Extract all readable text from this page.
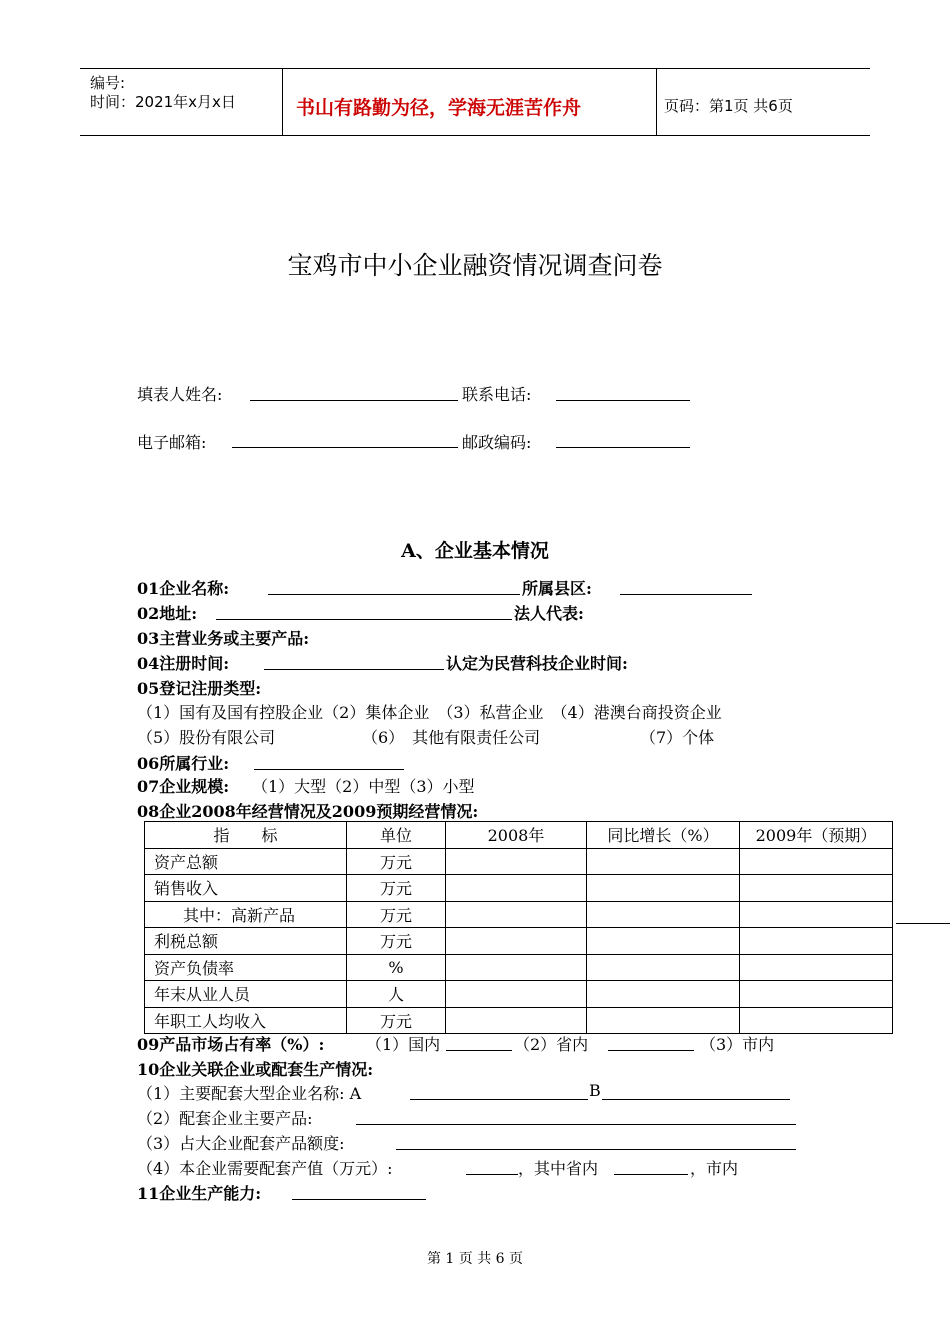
编号:
时间：2021年x月x日	书山有路勤为径，学海无涯苦作舟	页码：第1页 共6页
宝鸡市中小企业融资情况调查问卷
填表人姓名:	联系电话:
电子邮箱:	邮政编码:
A、企业基本情况
01企业名称:	所属县区:
02地址:	法人代表:
03主营业务或主要产品:
04注册时间:	认定为民营科技企业时间:
05登记注册类型:
（1）国有及国有控股企业（2）集体企业　（3）私营企业　（4）港澳台商投资企业
（5）股份有限公司	（6）　其他有限责任公司	（7）个体
06所属行业:
07企业规模: （1）大型（2）中型（3）小型
08企业2008年经营情况及2009预期经营情况:
指　　标	单位	2008年	同比增长（%）	2009年（预期）
资产总额	万元			
销售收入	万元			
其中：高新产品	万元			
利税总额	万元			
资产负债率	%			
年末从业人员	人			
年职工人均收入	万元			
09产品市场占有率（%）:	（1）国内	（2）省内	（3）市内
10企业关联企业或配套生产情况:
（1）主要配套大型企业名称: A	B
（2）配套企业主要产品:
（3）占大企业配套产品额度:
（4）本企业需要配套产值（万元）:	，其中省内	，市内
11企业生产能力:
第 1 页 共 6 页
